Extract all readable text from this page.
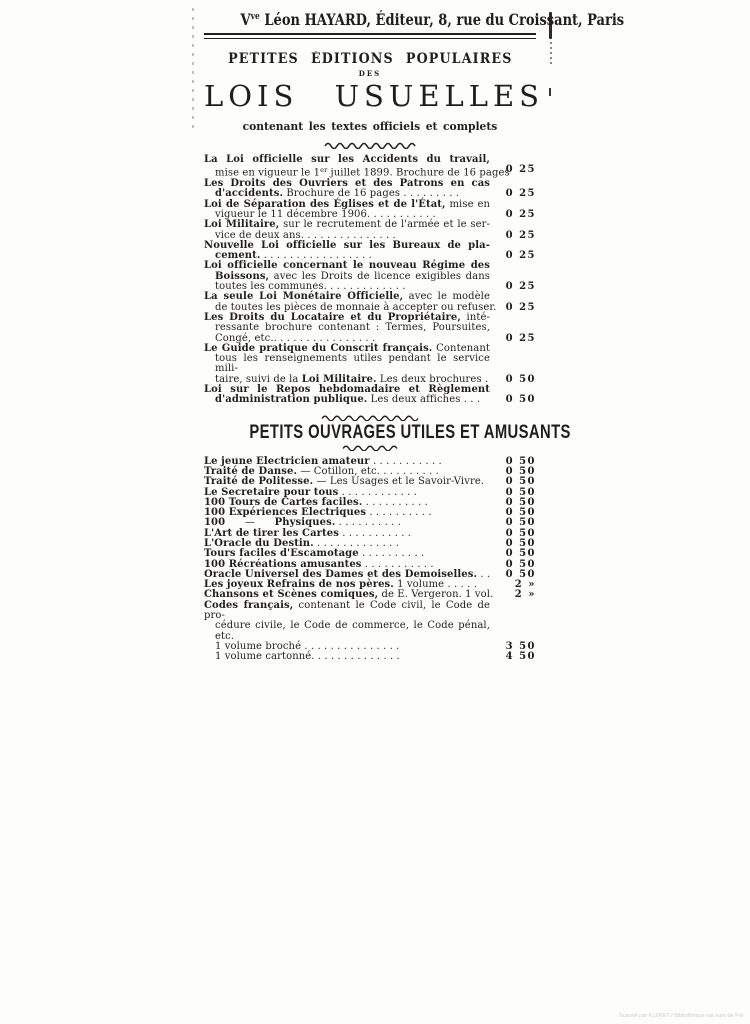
$V^{ve}$ Léon HAYARD, Éditeur, 8, rue du Croissant, Paris
PETITES ÉDITIONS POPULAIRES
DES
LOIS USUELLES
contenant les textes officiels et complets
La Loi officielle sur les Accidents du travail,
mise en vigueur le 1er juillet 1899. Brochure de 16 pages
0 25
Les Droits des Ouvriers et des Patrons en cas
d'accidents. Brochure de 16 pages . . . . . . . . .	0 25
Loi de Séparation des Églises et de l'État, mise en
vigueur le 11 décembre 1906. . . . . . . . . . .	0 25
Loi Militaire, sur le recrutement de l'armée et le ser-
vice de deux ans. . . . . . . . . . . . . . .	0 25
Nouvelle Loi officielle sur les Bureaux de pla-
cement. . . . . . . . . . . . . . . . . .	0 25
Loi officielle concernant le nouveau Régime des
Boissons, avec les Droits de licence exigibles dans
toutes les communes. . . . . . . . . . . . .	0 25
La seule Loi Monétaire Officielle, avec le modèle
de toutes les pièces de monnaie à accepter ou refuser. 0 25
Les Droits du Locataire et du Propriétaire, inté-
ressante brochure contenant : Termes, Poursuites,
Congé, etc.. . . . . . . . . . . . . . . .	0 25
Le Guide pratique du Conscrit français. Contenant
tous les renseignements utiles pendant le service mili-
taire, suivi de la Loi Militaire. Les deux brochures . 0 50
Loi sur le Repos hebdomadaire et Règlement
d'administration publique. Les deux affiches . . .	0 50
PETITS OUVRAGES UTILES ET AMUSANTS
Le jeune Electricien amateur . . . . . . . . . . .	0 50
Traité de Danse. — Cotillon, etc. . . . . . . . . .	0 50
Traité de Politesse. — Les Usages et le Savoir-Vivre. 0 50
Le Secretaire pour tous . . . . . . . . . . . .	0 50
100 Tours de Cartes faciles. . . . . . . . . . .	0 50
100 Expériences Electriques . . . . . . . . . .	0 50
100      —      Physiques. . . . . . . . . . .	0 50
L'Art de tirer les Cartes . . . . . . . . . . .	0 50
L'Oracle du Destin. . . . . . . . . . . . . .	0 50
Tours faciles d'Escamotage . . . . . . . . . .	0 50
100 Récréations amusantes . . . . . . . . . . .	0 50
Oracle Universel des Dames et des Demoiselles. . . 0 50
Les joyeux Refrains de nos pères. 1 volume . . . . .	2 »
Chansons et Scènes comiques, de E. Vergeron. 1 vol. 2 »
Codes français, contenant le Code civil, le Code de pro-
cédure civile, le Code de commerce, le Code pénal, etc.
1 volume broché . . . . . . . . . . . . . . .	3 50
1 volume cartonné. . . . . . . . . . . . . .	4 50
Scanné par KLEKET / Bibliothèque nat num de Par
